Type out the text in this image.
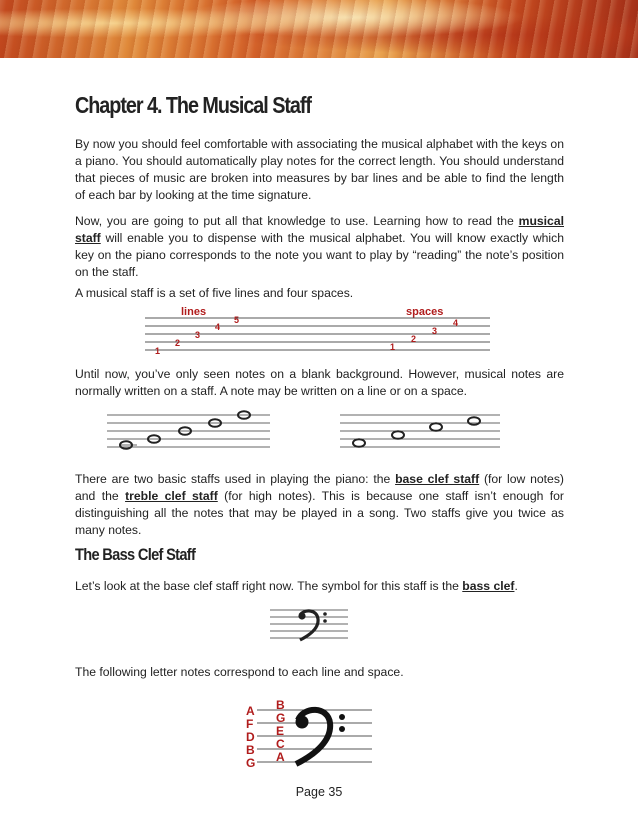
Chapter 4. The Musical Staff

By now you should feel comfortable with associating the musical alphabet with the keys on a piano. You should automatically play notes for the correct length. You should understand that pieces of music are broken into measures by bar lines and be able to find the length of each bar by looking at the time signature.

Now, you are going to put all that knowledge to use. Learning how to read the musical staff will enable you to dispense with the musical alphabet. You will know exactly which key on the piano corresponds to the note you want to play by “reading” the note’s position on the staff.

A musical staff is a set of five lines and four spaces.

lines	spaces
1
2
3
4
5
1
2
3
4

Until now, you’ve only seen notes on a blank background. However, musical notes are normally written on a staff. A note may be written on a line or on a space.

There are two basic staffs used in playing the piano: the base clef staff (for low notes) and the treble clef staff (for high notes). This is because one staff isn’t enough for distinguishing all the notes that may be played in a song. Two staffs give you twice as many notes.

The Bass Clef Staff

Let’s look at the base clef staff right now. The symbol for this staff is the bass clef.

The following letter notes correspond to each line and space.

A
F
D
B
G
B
G
E
C
A
Page 35
